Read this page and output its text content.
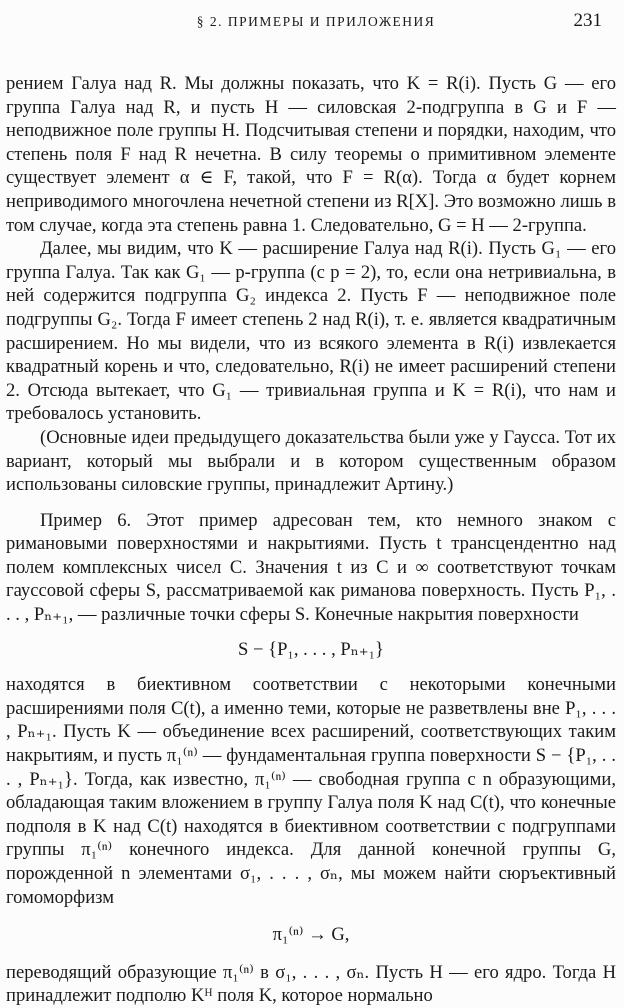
§ 2. ПРИМЕРЫ И ПРИЛОЖЕНИЯ	231

рением Галуа над R. Мы должны показать, что K = R(i). Пусть G — его группа Галуа над R, и пусть H — силовская 2-подгруппа в G и F — неподвижное поле группы H. Подсчитывая степени и порядки, находим, что степень поля F над R нечетна. В силу теоремы о примитивном элементе существует элемент α ∈ F, такой, что F = R(α). Тогда α будет корнем неприводимого многочлена нечетной степени из R[X]. Это возможно лишь в том случае, когда эта степень равна 1. Следовательно, G = H — 2-группа.

Далее, мы видим, что K — расширение Галуа над R(i). Пусть G₁ — его группа Галуа. Так как G₁ — p-группа (с p = 2), то, если она нетривиальна, в ней содержится подгруппа G₂ индекса 2. Пусть F — неподвижное поле подгруппы G₂. Тогда F имеет степень 2 над R(i), т. е. является квадратичным расширением. Но мы видели, что из всякого элемента в R(i) извлекается квадратный корень и что, следовательно, R(i) не имеет расширений степени 2. Отсюда вытекает, что G₁ — тривиальная группа и K = R(i), что нам и требовалось установить.

(Основные идеи предыдущего доказательства были уже у Гаусса. Тот их вариант, который мы выбрали и в котором существенным образом использованы силовские группы, принадлежит Артину.)

Пример 6. Этот пример адресован тем, кто немного знаком с римановыми поверхностями и накрытиями. Пусть t трансцендентно над полем комплексных чисел C. Значения t из C и ∞ соответствуют точкам гауссовой сферы S, рассматриваемой как риманова поверхность. Пусть P₁, . . . , Pₙ₊₁, — различные точки сферы S. Конечные накрытия поверхности

S − {P₁, . . . , Pₙ₊₁}

находятся в биективном соответствии с некоторыми конечными расширениями поля C(t), а именно теми, которые не разветвлены вне P₁, . . . , Pₙ₊₁. Пусть K — объединение всех расширений, соответствующих таким накрытиям, и пусть π₁⁽ⁿ⁾ — фундаментальная группа поверхности S − {P₁, . . . , Pₙ₊₁}. Тогда, как известно, π₁⁽ⁿ⁾ — свободная группа с n образующими, обладающая таким вложением в группу Галуа поля K над C(t), что конечные подполя в K над C(t) находятся в биективном соответствии с подгруппами группы π₁⁽ⁿ⁾ конечного индекса. Для данной конечной группы G, порожденной n элементами σ₁, . . . , σₙ, мы можем найти сюръективный гомоморфизм

π₁⁽ⁿ⁾ → G,

переводящий образующие π₁⁽ⁿ⁾ в σ₁, . . . , σₙ. Пусть H — его ядро. Тогда H принадлежит подполю Kᴴ поля K, которое нормально
